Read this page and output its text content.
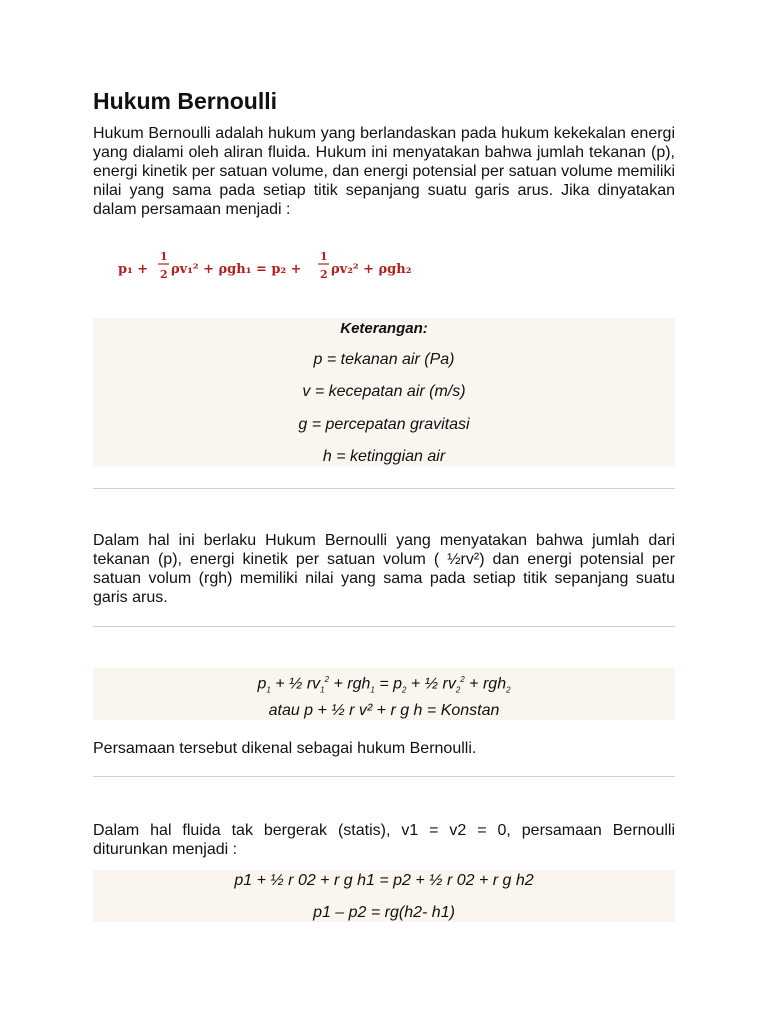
Hukum Bernoulli

Hukum Bernoulli adalah hukum yang berlandaskan pada hukum kekekalan energi yang dialami oleh aliran fluida. Hukum ini menyatakan bahwa jumlah tekanan (p), energi kinetik per satuan volume, dan energi potensial per satuan volume memiliki nilai yang sama pada setiap titik sepanjang suatu garis arus. Jika dinyatakan dalam persamaan menjadi :

p₁ +
1
2 ρv₁² + ρgh₁ = p₂ +
1
2 ρv₂² + ρgh₂
Keterangan:
p = tekanan air (Pa)
v = kecepatan air (m/s)
g = percepatan gravitasi
h = ketinggian air

Dalam hal ini berlaku Hukum Bernoulli yang menyatakan bahwa jumlah dari tekanan (p), energi kinetik per satuan volum ( ½rv²) dan energi potensial per satuan volum (rgh) memiliki nilai yang sama pada setiap titik sepanjang suatu garis arus.

$p_1$ + ½ $rv_1^2 + rgh_1 = p_2$ + ½ $rv_2^2 + rgh_2$
atau p + ½ r v² + r g h = Konstan

Persamaan tersebut dikenal sebagai hukum Bernoulli.

Dalam hal fluida tak bergerak (statis), v1 = v2 = 0, persamaan Bernoulli diturunkan menjadi :

p1 + ½ r 02 + r g h1 = p2 + ½ r 02 + r g h2
p1 – p2 = rg(h2- h1)
